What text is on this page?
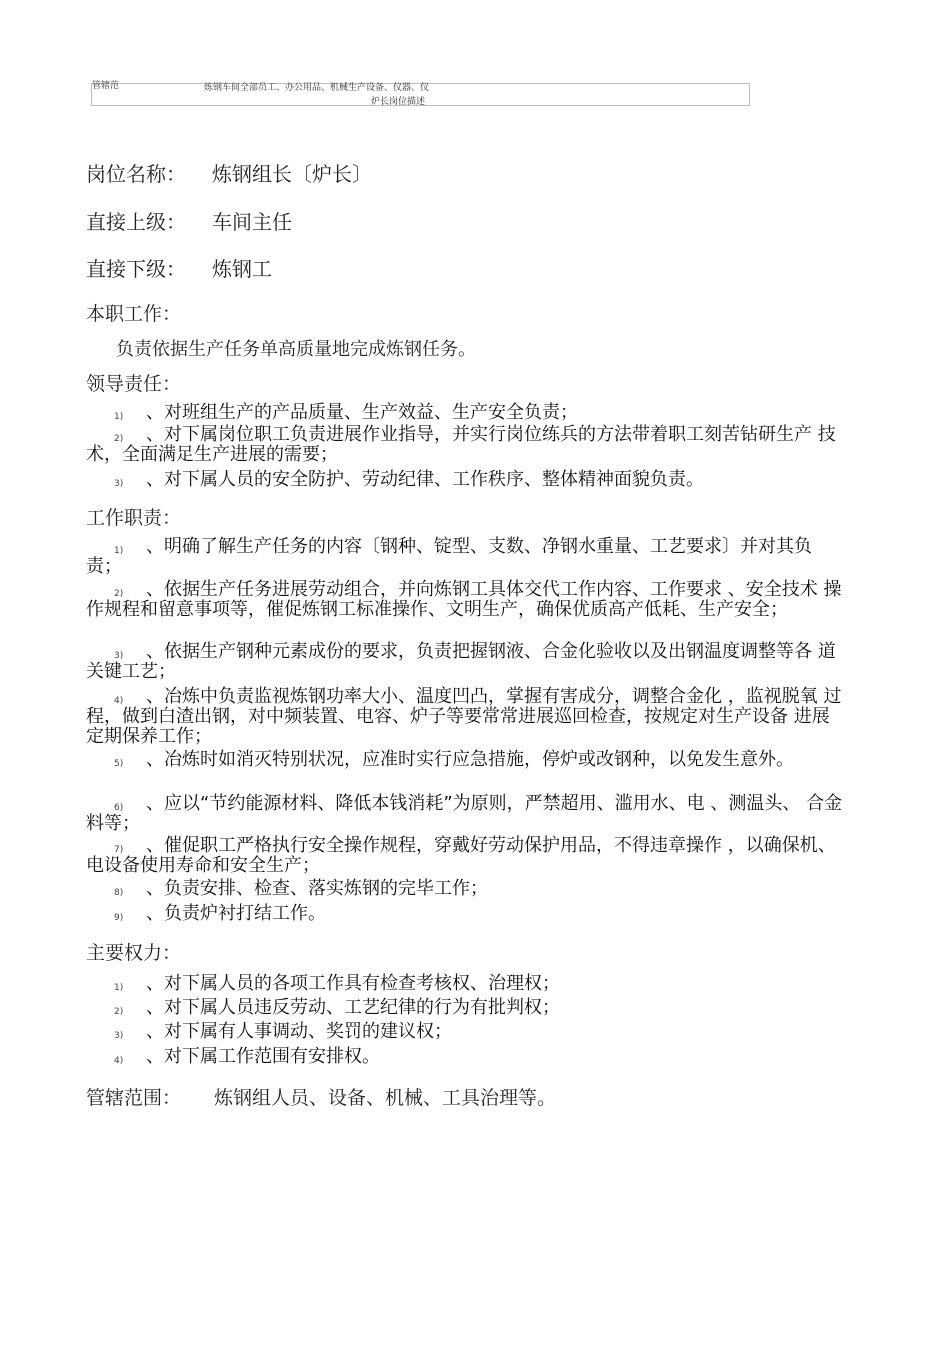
管辖范	炼钢车间全部员工、办公用品、机械生产设备、仪器、仪
炉长岗位描述
岗位名称： 炼钢组长〔炉长〕
直接上级： 车间主任
直接下级： 炼钢工
本职工作：
负责依据生产任务单高质量地完成炼钢任务。
领导责任：
1)	、对班组生产的产品质量、生产效益、生产安全负责；
2)	、对下属岗位职工负责进展作业指导，并实行岗位练兵的方法带着职工刻苦钻研生产 技术，全面满足生产进展的需要；
3)	、对下属人员的安全防护、劳动纪律、工作秩序、整体精神面貌负责。
工作职责：
1)	、明确了解生产任务的内容〔钢种、锭型、支数、净钢水重量、工艺要求〕并对其负 责；
2)	、依据生产任务进展劳动组合，并向炼钢工具体交代工作内容、工作要求 、安全技术 操作规程和留意事项等，催促炼钢工标准操作、文明生产，确保优质高产低耗、生产安全；
3)	、依据生产钢种元素成份的要求，负责把握钢液、合金化验收以及出钢温度调整等各 道关键工艺；
4)	、冶炼中负责监视炼钢功率大小、温度凹凸，掌握有害成分，调整合金化 ，监视脱氧 过程，做到白渣出钢，对中频装置、电容、炉子等要常常进展巡回检查，按规定对生产设备 进展定期保养工作；
5)	、冶炼时如消灭特别状况，应准时实行应急措施，停炉或改钢种，以免发生意外。
6)	、应以“节约能源材料、降低本钱消耗”为原则，严禁超用、滥用水、电 、测温头、 合金料等；
7)	、催促职工严格执行安全操作规程，穿戴好劳动保护用品，不得违章操作 ，以确保机、 电设备使用寿命和安全生产；
8)	、负责安排、检查、落实炼钢的完毕工作；
9)	、负责炉衬打结工作。
主要权力：
1)	、对下属人员的各项工作具有检查考核权、治理权；
2)	、对下属人员违反劳动、工艺纪律的行为有批判权；
3)	、对下属有人事调动、奖罚的建议权；
4)	、对下属工作范围有安排权。
管辖范围： 炼钢组人员、设备、机械、工具治理等。
